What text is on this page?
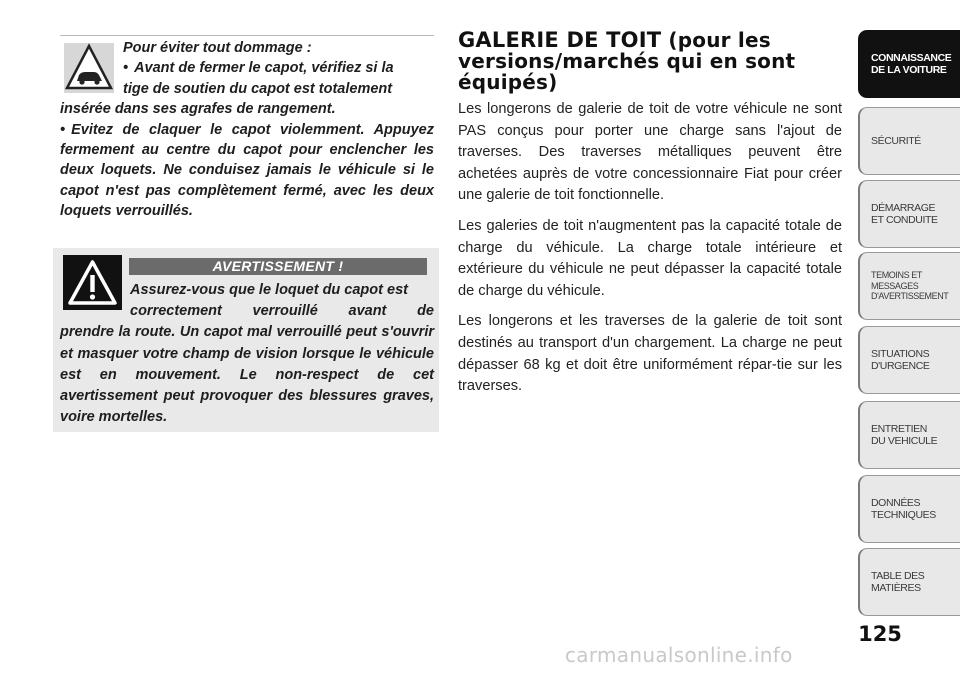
Pour éviter tout dommage :

• Avant de fermer le capot, vérifiez si la

tige de soutien du capot est totalement

insérée dans ses agrafes de rangement.

• Evitez de claquer le capot violemment. Appuyez fermement au centre du capot pour enclencher les deux loquets. Ne conduisez jamais le véhicule si le capot n'est pas complètement fermé, avec les deux loquets verrouillés.

AVERTISSEMENT !

Assurez-vous que le loquet du capot est

correctement verrouillé avant de

prendre la route. Un capot mal verrouillé peut s'ouvrir et masquer votre champ de vision lorsque le véhicule est en mouvement. Le non-respect de cet avertissement peut provoquer des blessures graves, voire mortelles.

GALERIE DE TOIT (pour les versions/marchés qui en sont équipés)

Les longerons de galerie de toit de votre véhicule ne sont PAS conçus pour porter une charge sans l'ajout de traverses. Des traverses métalliques peuvent être achetées auprès de votre concessionnaire Fiat pour créer une galerie de toit fonctionnelle.

Les galeries de toit n'augmentent pas la capacité totale de charge du véhicule. La charge totale intérieure et extérieure du véhicule ne peut dépasser la capacité totale de charge du véhicule.

Les longerons et les traverses de la galerie de toit sont destinés au transport d'un chargement. La charge ne peut dépasser 68 kg et doit être uniformément répar-tie sur les traverses.

CONNAISSANCE
DE LA VOITURE
SÉCURITÉ
DÉMARRAGE
ET CONDUITE
TEMOINS ET
MESSAGES
D'AVERTISSEMENT
SITUATIONS
D'URGENCE
ENTRETIEN
DU VEHICULE
DONNÉES
TECHNIQUES
TABLE DES
MATIÈRES
125
carmanualsonline.info
